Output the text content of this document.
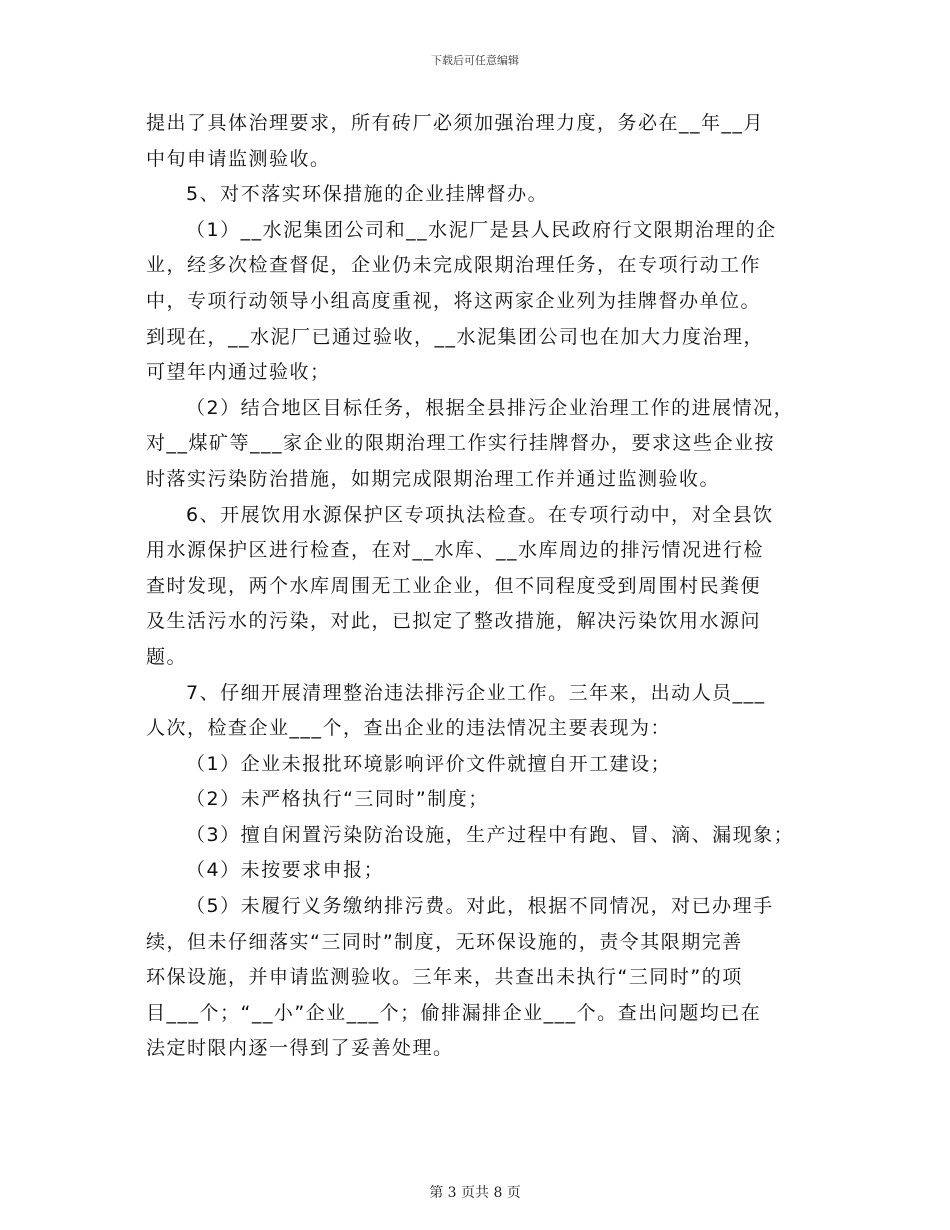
下载后可任意编辑
提出了具体治理要求，所有砖厂必须加强治理力度，务必在__年__月
中旬申请监测验收。
5、对不落实环保措施的企业挂牌督办。
（1）__水泥集团公司和__水泥厂是县人民政府行文限期治理的企
业，经多次检查督促，企业仍未完成限期治理任务，在专项行动工作
中，专项行动领导小组高度重视，将这两家企业列为挂牌督办单位。
到现在，__水泥厂已通过验收，__水泥集团公司也在加大力度治理，
可望年内通过验收；
（2）结合地区目标任务，根据全县排污企业治理工作的进展情况，
对__煤矿等___家企业的限期治理工作实行挂牌督办，要求这些企业按
时落实污染防治措施，如期完成限期治理工作并通过监测验收。
6、开展饮用水源保护区专项执法检查。在专项行动中，对全县饮
用水源保护区进行检查，在对__水库、__水库周边的排污情况进行检
查时发现，两个水库周围无工业企业，但不同程度受到周围村民粪便
及生活污水的污染，对此，已拟定了整改措施，解决污染饮用水源问
题。
7、仔细开展清理整治违法排污企业工作。三年来，出动人员___
人次，检查企业___个，查出企业的违法情况主要表现为：
（1）企业未报批环境影响评价文件就擅自开工建设；
（2）未严格执行“三同时”制度；
（3）擅自闲置污染防治设施，生产过程中有跑、冒、滴、漏现象；
（4）未按要求申报；
（5）未履行义务缴纳排污费。对此，根据不同情况，对已办理手
续，但未仔细落实“三同时”制度，无环保设施的，责令其限期完善
环保设施，并申请监测验收。三年来，共查出未执行“三同时”的项
目___个；“__小”企业___个；偷排漏排企业___个。查出问题均已在
法定时限内逐一得到了妥善处理。
第 3 页共 8 页
